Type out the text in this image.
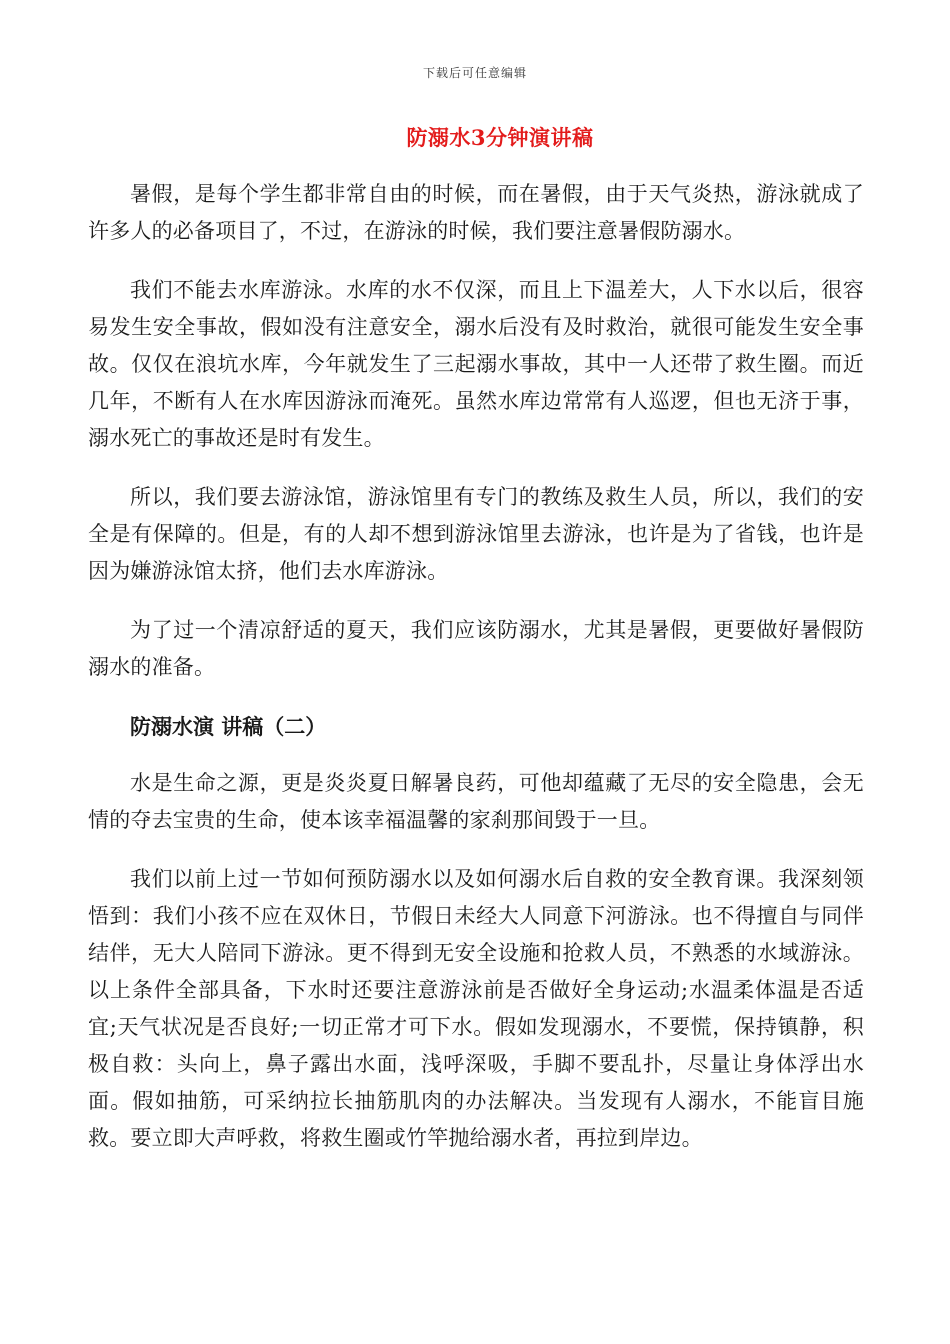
下载后可任意编辑
防溺水3分钟演讲稿

暑假，是每个学生都非常自由的时候，而在暑假，由于天气炎热，游泳就成了许多人的必备项目了，不过，在游泳的时候，我们要注意暑假防溺水。

我们不能去水库游泳。水库的水不仅深，而且上下温差大，人下水以后，很容易发生安全事故，假如没有注意安全，溺水后没有及时救治，就很可能发生安全事故。仅仅在浪坑水库，今年就发生了三起溺水事故，其中一人还带了救生圈。而近几年，不断有人在水库因游泳而淹死。虽然水库边常常有人巡逻，但也无济于事，溺水死亡的事故还是时有发生。

所以，我们要去游泳馆，游泳馆里有专门的教练及救生人员，所以，我们的安全是有保障的。但是，有的人却不想到游泳馆里去游泳，也许是为了省钱，也许是因为嫌游泳馆太挤，他们去水库游泳。

为了过一个清凉舒适的夏天，我们应该防溺水，尤其是暑假，更要做好暑假防溺水的准备。

防溺水演 讲稿（二）

水是生命之源，更是炎炎夏日解暑良药，可他却蕴藏了无尽的安全隐患，会无情的夺去宝贵的生命，使本该幸福温馨的家刹那间毁于一旦。

我们以前上过一节如何预防溺水以及如何溺水后自救的安全教育课。我深刻领悟到：我们小孩不应在双休日，节假日未经大人同意下河游泳。也不得擅自与同伴结伴，无大人陪同下游泳。更不得到无安全设施和抢救人员，不熟悉的水域游泳。以上条件全部具备，下水时还要注意游泳前是否做好全身运动;水温柔体温是否适宜;天气状况是否良好;一切正常才可下水。假如发现溺水，不要慌，保持镇静，积极自救：头向上，鼻子露出水面，浅呼深吸，手脚不要乱扑，尽量让身体浮出水面。假如抽筋，可采纳拉长抽筋肌肉的办法解决。当发现有人溺水，不能盲目施救。要立即大声呼救，将救生圈或竹竿抛给溺水者，再拉到岸边。
